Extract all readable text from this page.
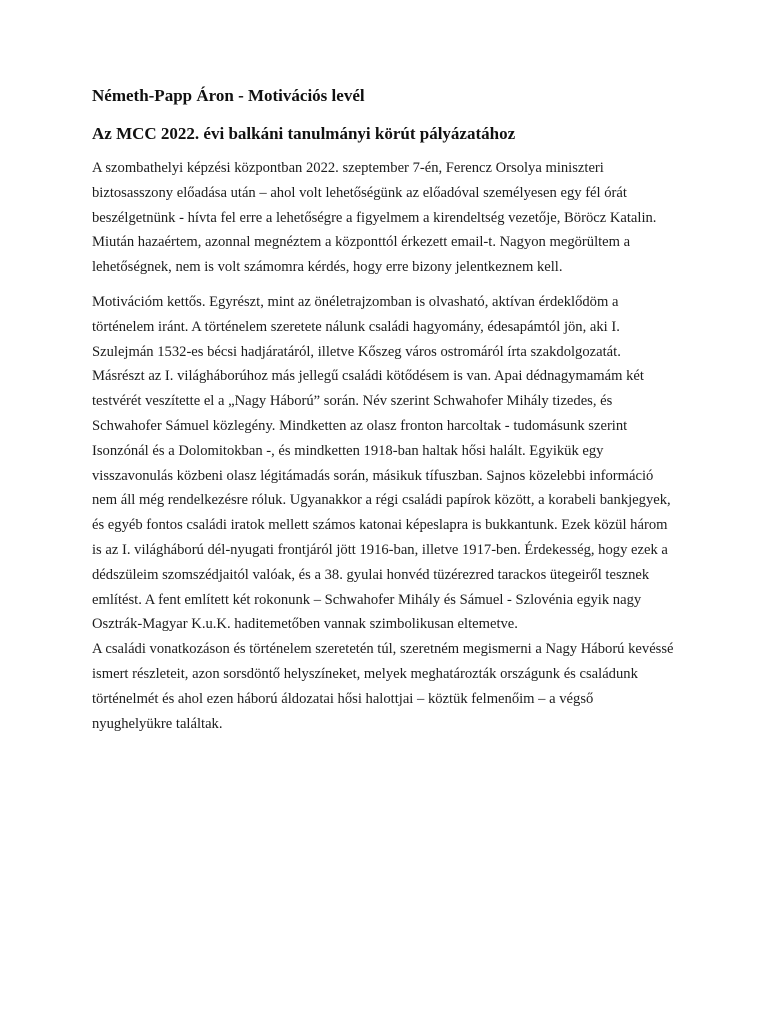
Németh-Papp Áron - Motivációs levél
Az MCC 2022. évi balkáni tanulmányi körút pályázatához

A szombathelyi képzési központban 2022. szeptember 7-én, Ferencz Orsolya miniszteri biztosasszony előadása után – ahol volt lehetőségünk az előadóval személyesen egy fél órát beszélgetnünk - hívta fel erre a lehetőségre a figyelmem a kirendeltség vezetője, Böröcz Katalin. Miután hazaértem, azonnal megnéztem a központtól érkezett email-t. Nagyon megörültem a lehetőségnek, nem is volt számomra kérdés, hogy erre bizony jelentkeznem kell.

Motivációm kettős. Egyrészt, mint az önéletrajzomban is olvasható, aktívan érdeklődöm a történelem iránt. A történelem szeretete nálunk családi hagyomány, édesapámtól jön, aki I. Szulejmán 1532-es bécsi hadjáratáról, illetve Kőszeg város ostromáról írta szakdolgozatát. Másrészt az I. világháborúhoz más jellegű családi kötődésem is van. Apai dédnagymamám két testvérét veszítette el a „Nagy Háború” során. Név szerint Schwahofer Mihály tizedes, és Schwahofer Sámuel közlegény. Mindketten az olasz fronton harcoltak - tudomásunk szerint Isonzónál és a Dolomitokban -, és mindketten 1918-ban haltak hősi halált. Egyikük egy visszavonulás közbeni olasz légitámadás során, másikuk tífuszban. Sajnos közelebbi információ nem áll még rendelkezésre róluk. Ugyanakkor a régi családi papírok között, a korabeli bankjegyek, és egyéb fontos családi iratok mellett számos katonai képeslapra is bukkantunk. Ezek közül három is az I. világháború dél-nyugati frontjáról jött 1916-ban, illetve 1917-ben. Érdekesség, hogy ezek a dédszüleim szomszédjaitól valóak, és a 38. gyulai honvéd tüzérezred tarackos ütegeiről tesznek említést. A fent említett két rokonunk – Schwahofer Mihály és Sámuel - Szlovénia egyik nagy Osztrák-Magyar K.u.K. haditemetőben vannak szimbolikusan eltemetve.

A családi vonatkozáson és történelem szeretetén túl, szeretném megismerni a Nagy Háború kevéssé ismert részleteit, azon sorsdöntő helyszíneket, melyek meghatározták országunk és családunk történelmét és ahol ezen háború áldozatai hősi halottjai – köztük felmenőim – a végső nyughelyükre találtak.
